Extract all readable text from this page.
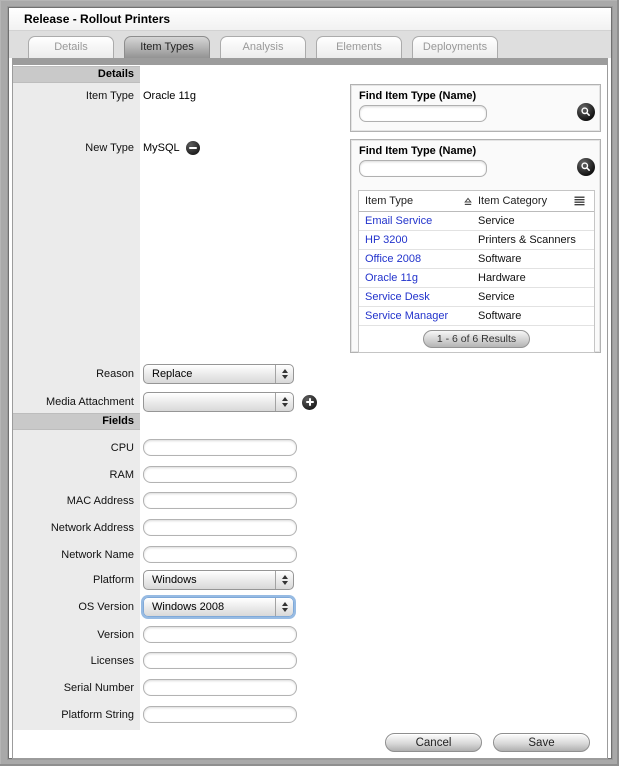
Release - Rollout Printers
Details	Item Types	Analysis	Elements	Deployments
Details
Item Type Oracle 11g
New Type MySQL
Reason	Replace
Media Attachment
Fields
CPU
RAM
MAC Address
Network Address
Network Name
Platform	Windows
OS Version	Windows 2008
Version
Licenses
Serial Number
Platform String
Find Item Type (Name)
Find Item Type (Name)
Item Type	Item Category
Email Service	Service
HP 3200	Printers & Scanners
Office 2008	Software
Oracle 11g	Hardware
Service Desk	Service
Service Manager	Software
1 - 6 of 6 Results
Cancel	Save
